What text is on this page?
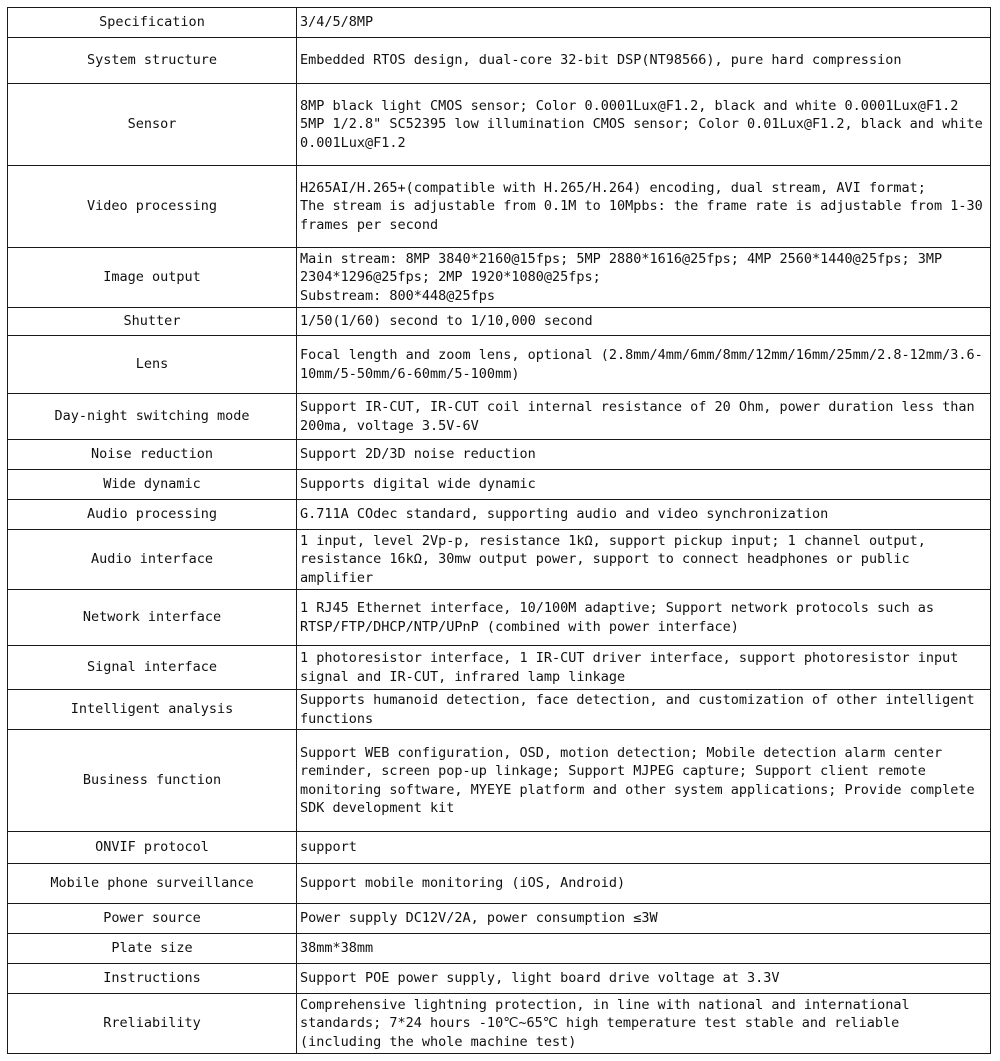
Specification	3/4/5/8MP
System structure	Embedded RTOS design, dual-core 32-bit DSP(NT98566), pure hard compression
Sensor	8MP black light CMOS sensor; Color 0.0001Lux@F1.2, black and white 0.0001Lux@F1.2
5MP 1/2.8" SC52395 low illumination CMOS sensor; Color 0.01Lux@F1.2, black and white 0.001Lux@F1.2
Video processing	H265AI/H.265+(compatible with H.265/H.264) encoding, dual stream, AVI format;
The stream is adjustable from 0.1M to 10Mpbs: the frame rate is adjustable from 1-30 frames per second
Image output	Main stream: 8MP 3840*2160@15fps; 5MP 2880*1616@25fps; 4MP 2560*1440@25fps; 3MP 2304*1296@25fps; 2MP 1920*1080@25fps;
Substream: 800*448@25fps
Shutter	1/50(1/60) second to 1/10,000 second
Lens	Focal length and zoom lens, optional (2.8mm/4mm/6mm/8mm/12mm/16mm/25mm/2.8-12mm/3.6-10mm/5-50mm/6-60mm/5-100mm)
Day-night switching mode	Support IR-CUT, IR-CUT coil internal resistance of 20 Ohm, power duration less than 200ma, voltage 3.5V-6V
Noise reduction	Support 2D/3D noise reduction
Wide dynamic	Supports digital wide dynamic
Audio processing	G.711A COdec standard, supporting audio and video synchronization
Audio interface	1 input, level 2Vp-p, resistance 1kΩ, support pickup input; 1 channel output, resistance 16kΩ, 30mw output power, support to connect headphones or public amplifier
Network interface	1 RJ45 Ethernet interface, 10/100M adaptive; Support network protocols such as RTSP/FTP/DHCP/NTP/UPnP (combined with power interface)
Signal interface	1 photoresistor interface, 1 IR-CUT driver interface, support photoresistor input signal and IR-CUT, infrared lamp linkage
Intelligent analysis	Supports humanoid detection, face detection, and customization of other intelligent functions
Business function	Support WEB configuration, OSD, motion detection; Mobile detection alarm center reminder, screen pop-up linkage; Support MJPEG capture; Support client remote monitoring software, MYEYE platform and other system applications; Provide complete SDK development kit
ONVIF protocol	support
Mobile phone surveillance	Support mobile monitoring (iOS, Android)
Power source	Power supply DC12V/2A, power consumption ≤3W
Plate size	38mm*38mm
Instructions	Support POE power supply, light board drive voltage at 3.3V
Rreliability	Comprehensive lightning protection, in line with national and international standards; 7*24 hours -10℃~65℃ high temperature test stable and reliable (including the whole machine test)
